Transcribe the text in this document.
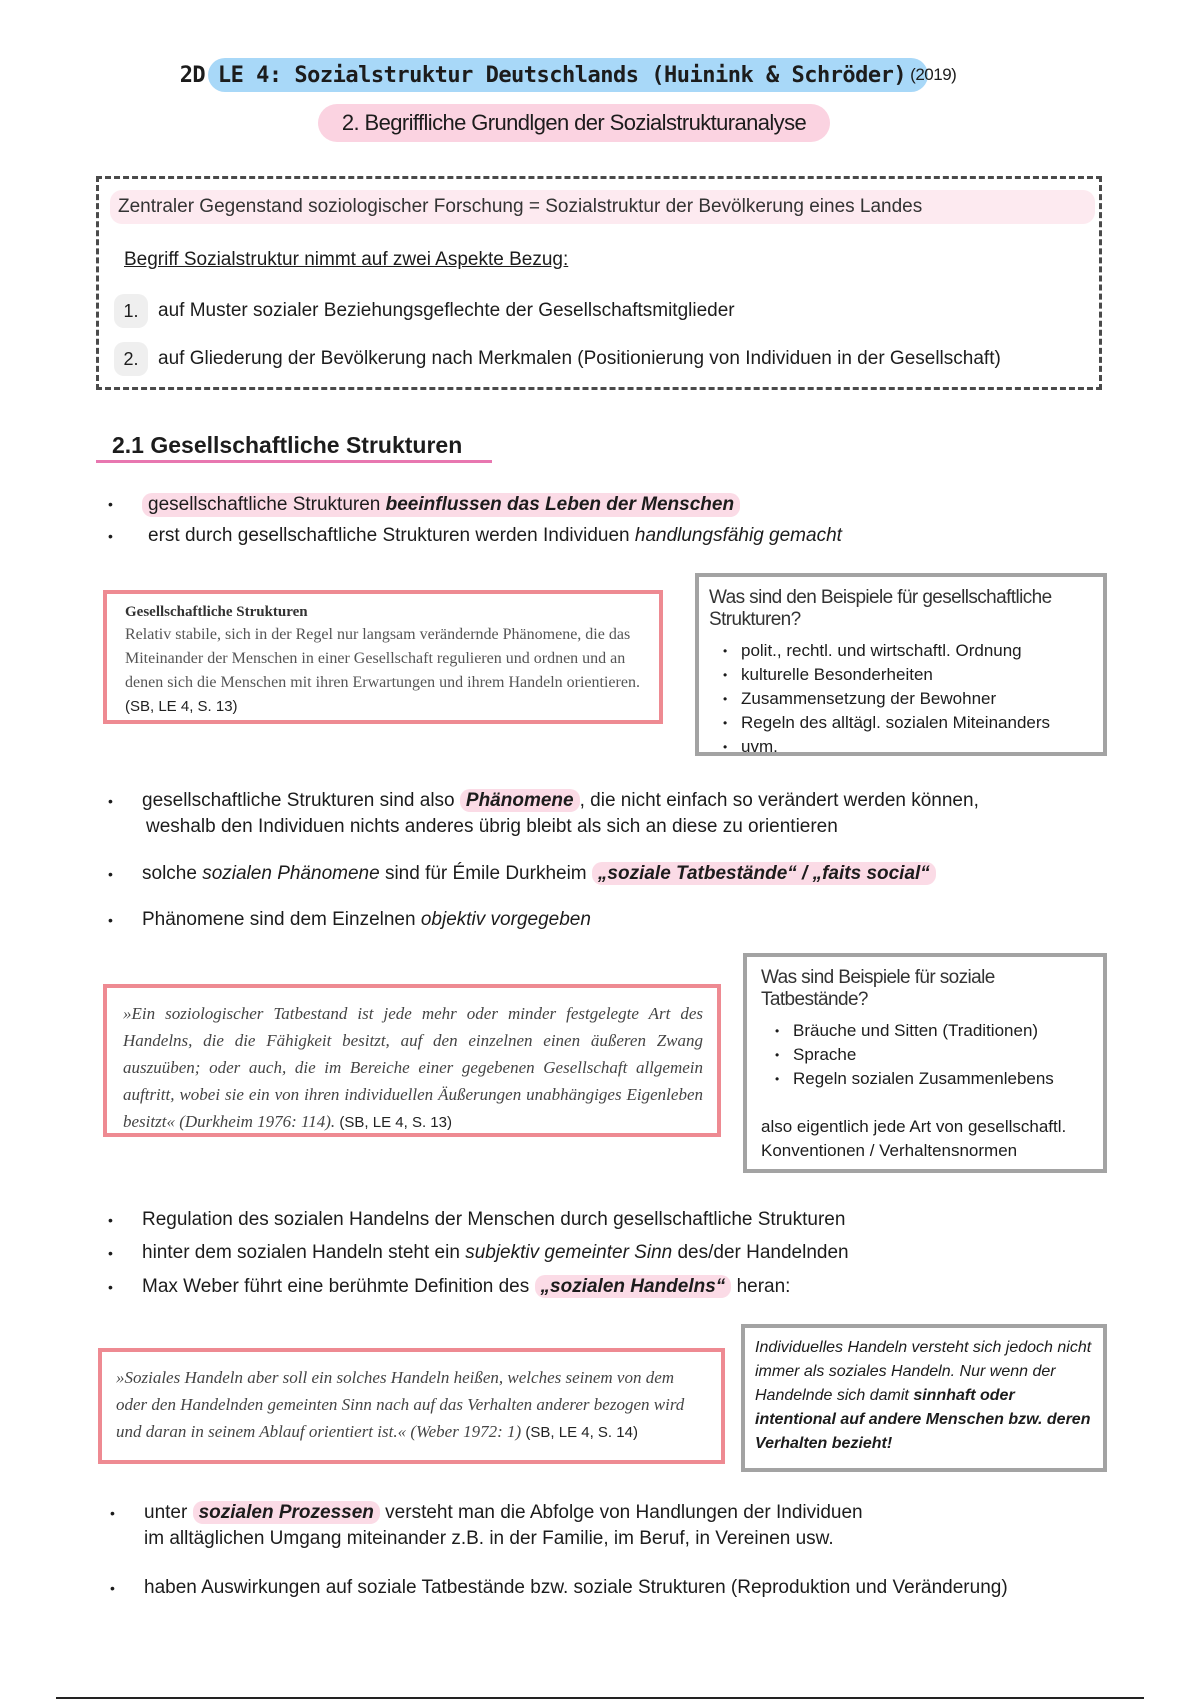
2D LE 4: Sozialstruktur Deutschlands (Huinink & Schröder) (2019)
2. Begriffliche Grundlgen der Sozialstrukturanalyse
Zentraler Gegenstand soziologischer Forschung = Sozialstruktur der Bevölkerung eines Landes
Begriff Sozialstruktur nimmt auf zwei Aspekte Bezug:
1.	auf Muster sozialer Beziehungsgeflechte der Gesellschaftsmitglieder
2.	auf Gliederung der Bevölkerung nach Merkmalen (Positionierung von Individuen in der Gesellschaft)
2.1 Gesellschaftliche Strukturen
•	gesellschaftliche Strukturen beeinflussen das Leben der Menschen
•	erst durch gesellschaftliche Strukturen werden Individuen handlungsfähig gemacht
Gesellschaftliche Strukturen
Relativ stabile, sich in der Regel nur langsam verändernde Phänomene, die das Miteinander der Menschen in einer Gesellschaft regulieren und ordnen und an denen sich die Menschen mit ihren Erwartungen und ihrem Handeln orientieren. (SB, LE 4, S. 13)
Was sind den Beispiele für gesellschaftliche Strukturen?
• polit., rechtl. und wirtschaftl. Ordnung
• kulturelle Besonderheiten
• Zusammensetzung der Bewohner
• Regeln des alltägl. sozialen Miteinanders
• uvm.
•	gesellschaftliche Strukturen sind also Phänomene , die nicht einfach so verändert werden können,
weshalb den Individuen nichts anderes übrig bleibt als sich an diese zu orientieren
•	solche sozialen Phänomene sind für Émile Durkheim „soziale Tatbestände“ / „faits social“
•	Phänomene sind dem Einzelnen objektiv vorgegeben
»Ein soziologischer Tatbestand ist jede mehr oder minder festgelegte Art des Handelns, die die Fähigkeit besitzt, auf den einzelnen einen äußeren Zwang auszuüben; oder auch, die im Bereiche einer gegebenen Gesellschaft allgemein auftritt, wobei sie ein von ihren individuellen Äußerungen unabhängiges Eigenleben besitzt« (Durkheim 1976: 114). (SB, LE 4, S. 13)
Was sind Beispiele für soziale Tatbestände?
• Bräuche und Sitten (Traditionen)
• Sprache
• Regeln sozialen Zusammenlebens
also eigentlich jede Art von gesellschaftl. Konventionen / Verhaltensnormen
•	Regulation des sozialen Handelns der Menschen durch gesellschaftliche Strukturen
•	hinter dem sozialen Handeln steht ein subjektiv gemeinter Sinn des/der Handelnden
•	Max Weber führt eine berühmte Definition des „sozialen Handelns“ heran:
»Soziales Handeln aber soll ein solches Handeln heißen, welches seinem von dem oder den Handelnden gemeinten Sinn nach auf das Verhalten anderer bezogen wird und daran in seinem Ablauf orientiert ist.« (Weber 1972: 1) (SB, LE 4, S. 14)
Individuelles Handeln versteht sich jedoch nicht immer als soziales Handeln. Nur wenn der Handelnde sich damit sinnhaft oder intentional auf andere Menschen bzw. deren Verhalten bezieht!
•	unter sozialen Prozessen versteht man die Abfolge von Handlungen der Individuen
im alltäglichen Umgang miteinander z.B. in der Familie, im Beruf, in Vereinen usw.
•	haben Auswirkungen auf soziale Tatbestände bzw. soziale Strukturen (Reproduktion und Veränderung)
